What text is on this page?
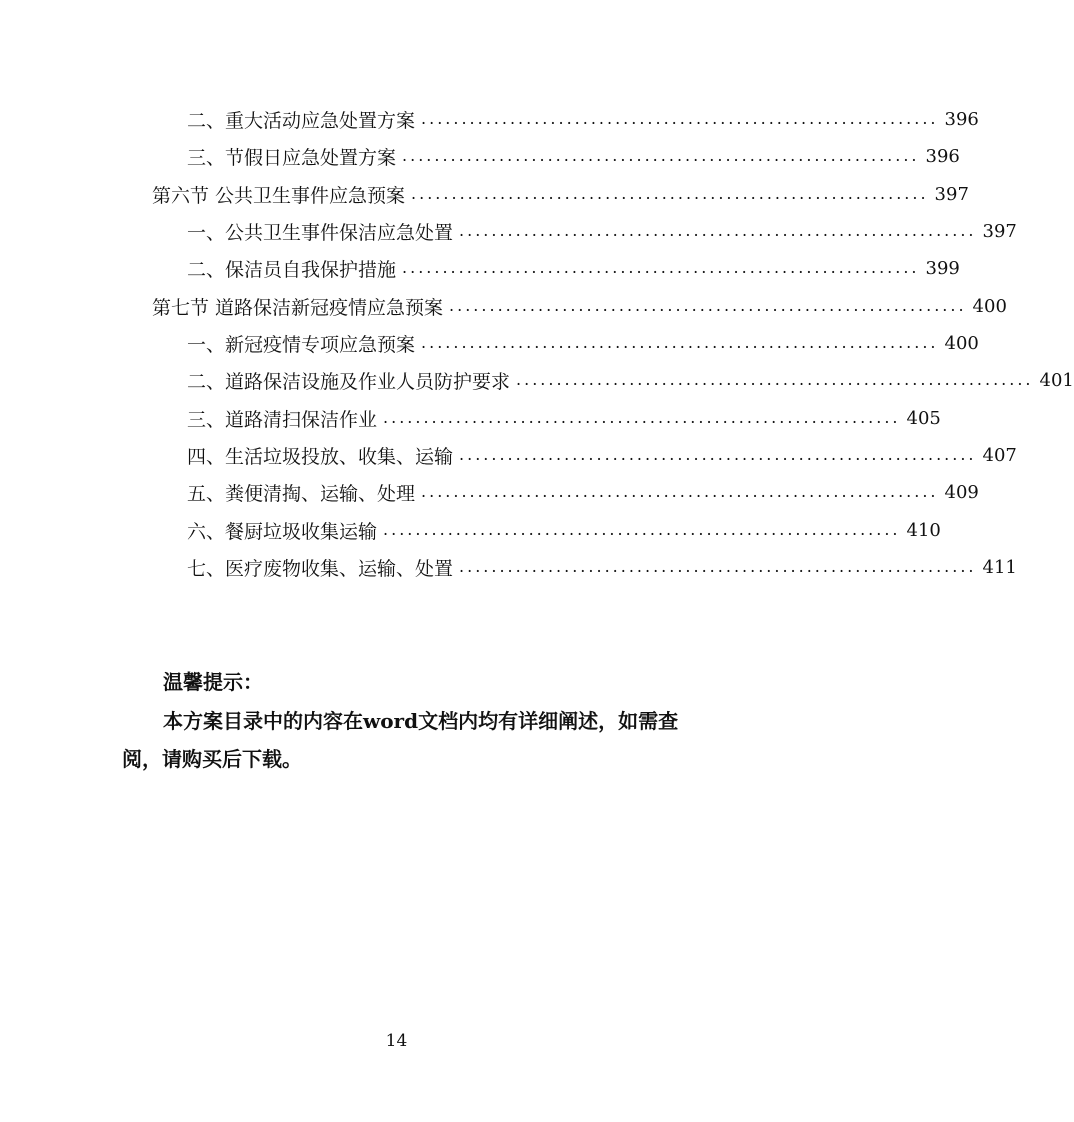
二、重大活动应急处置方案 ................................................................ 396
三、节假日应急处置方案 ................................................................ 396
第六节 公共卫生事件应急预案 ................................................................ 397
一、公共卫生事件保洁应急处置 ................................................................ 397
二、保洁员自我保护措施 ................................................................ 399
第七节 道路保洁新冠疫情应急预案 ................................................................ 400
一、新冠疫情专项应急预案 ................................................................ 400
二、道路保洁设施及作业人员防护要求 ................................................................ 401
三、道路清扫保洁作业 ................................................................ 405
四、生活垃圾投放、收集、运输 ................................................................ 407
五、粪便清掏、运输、处理 ................................................................ 409
六、餐厨垃圾收集运输 ................................................................ 410
七、医疗废物收集、运输、处置 ................................................................ 411
温馨提示：
本方案目录中的内容在word文档内均有详细阐述，如需查阅，请购买后下载。
14
